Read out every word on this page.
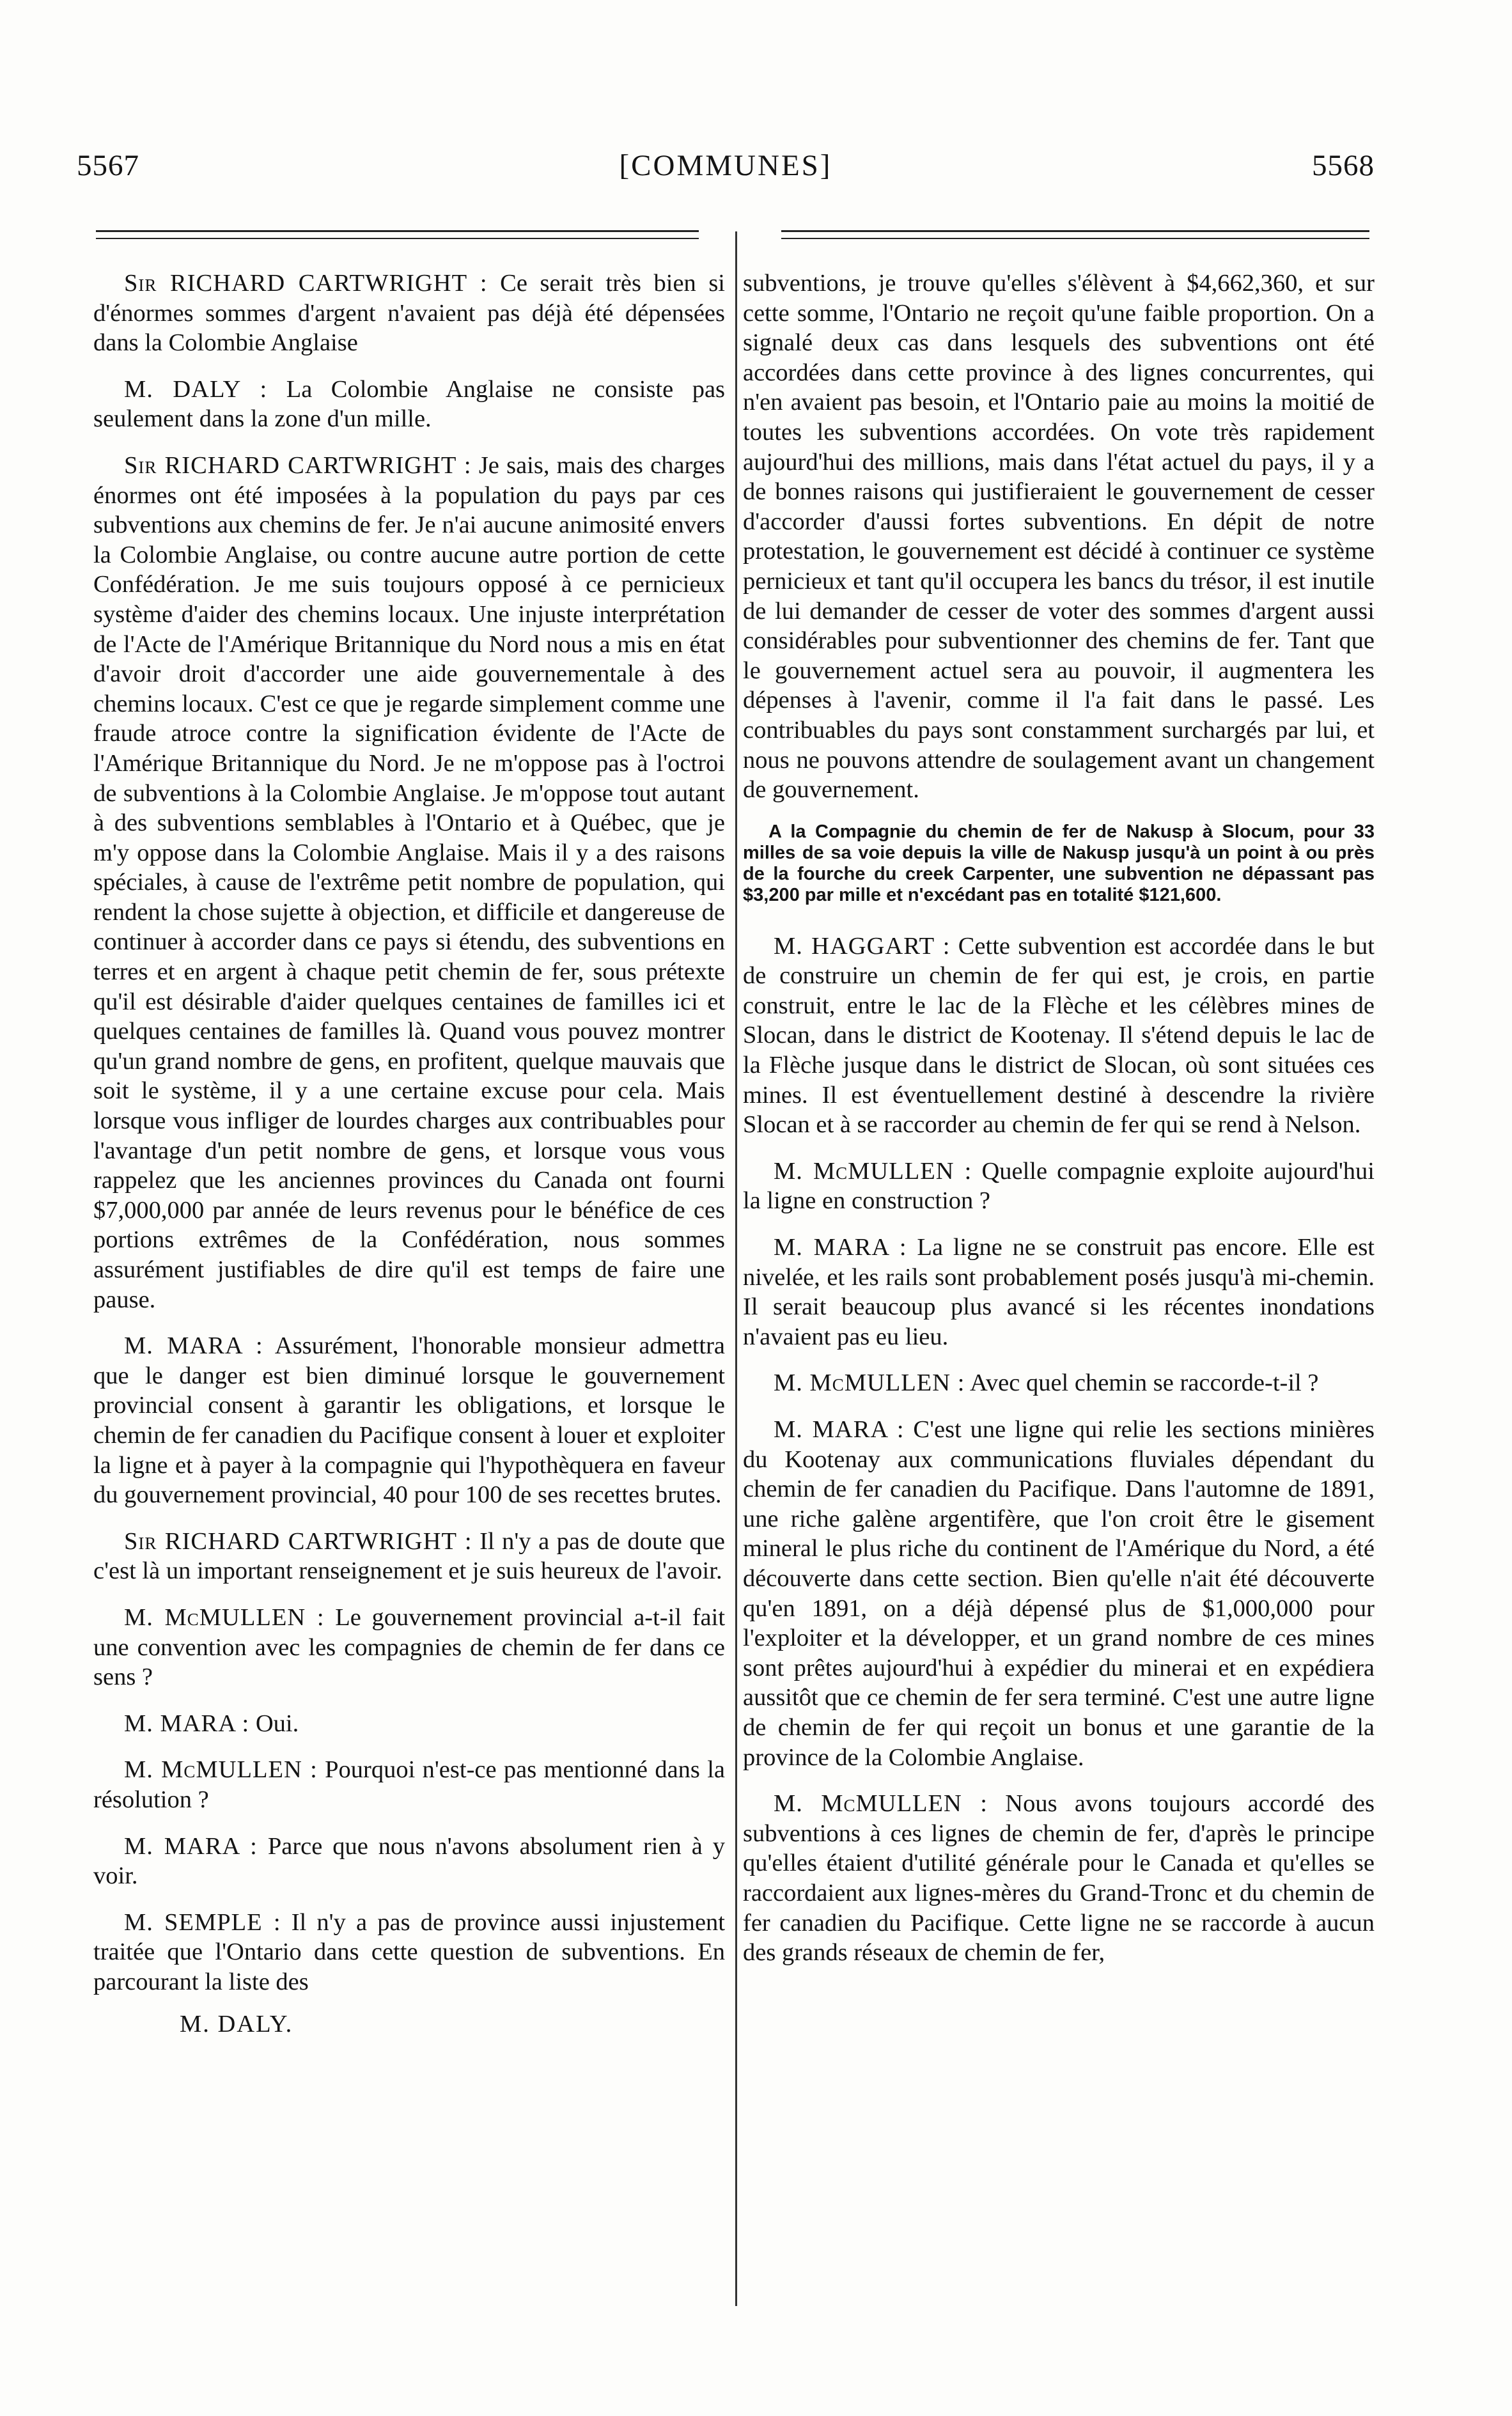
[COMMUNES]
5567	5568

Sir RICHARD CARTWRIGHT : Ce serait très bien si d'énormes sommes d'argent n'avaient pas déjà été dépensées dans la Colombie Anglaise

M. DALY : La Colombie Anglaise ne consiste pas seulement dans la zone d'un mille.

Sir RICHARD CARTWRIGHT : Je sais, mais des charges énormes ont été imposées à la population du pays par ces subventions aux chemins de fer. Je n'ai aucune animosité envers la Colombie Anglaise, ou contre aucune autre portion de cette Confédération. Je me suis toujours opposé à ce pernicieux système d'aider des chemins locaux. Une injuste interprétation de l'Acte de l'Amérique Britannique du Nord nous a mis en état d'avoir droit d'accorder une aide gouvernementale à des chemins locaux. C'est ce que je regarde simplement comme une fraude atroce contre la signification évidente de l'Acte de l'Amérique Britannique du Nord. Je ne m'oppose pas à l'octroi de subventions à la Colombie Anglaise. Je m'oppose tout autant à des subventions semblables à l'Ontario et à Québec, que je m'y oppose dans la Colombie Anglaise. Mais il y a des raisons spéciales, à cause de l'extrême petit nombre de population, qui rendent la chose sujette à objection, et difficile et dangereuse de continuer à accorder dans ce pays si étendu, des subventions en terres et en argent à chaque petit chemin de fer, sous prétexte qu'il est désirable d'aider quelques centaines de familles ici et quelques centaines de familles là. Quand vous pouvez montrer qu'un grand nombre de gens, en profitent, quelque mauvais que soit le système, il y a une certaine excuse pour cela. Mais lorsque vous infliger de lourdes charges aux contribuables pour l'avantage d'un petit nombre de gens, et lorsque vous vous rappelez que les anciennes provinces du Canada ont fourni $7,000,000 par année de leurs revenus pour le bénéfice de ces portions extrêmes de la Confédération, nous sommes assurément justifiables de dire qu'il est temps de faire une pause.

M. MARA : Assurément, l'honorable monsieur admettra que le danger est bien diminué lorsque le gouvernement provincial consent à garantir les obligations, et lorsque le chemin de fer canadien du Pacifique consent à louer et exploiter la ligne et à payer à la compagnie qui l'hypothèquera en faveur du gouvernement provincial, 40 pour 100 de ses recettes brutes.

Sir RICHARD CARTWRIGHT : Il n'y a pas de doute que c'est là un important renseignement et je suis heureux de l'avoir.

M. McMULLEN : Le gouvernement provincial a-t-il fait une convention avec les compagnies de chemin de fer dans ce sens ?

M. MARA : Oui.

M. McMULLEN : Pourquoi n'est-ce pas mentionné dans la résolution ?

M. MARA : Parce que nous n'avons absolument rien à y voir.

M. SEMPLE : Il n'y a pas de province aussi injustement traitée que l'Ontario dans cette question de subventions. En parcourant la liste des

M. DALY.

subventions, je trouve qu'elles s'élèvent à $4,662,360, et sur cette somme, l'Ontario ne reçoit qu'une faible proportion. On a signalé deux cas dans lesquels des subventions ont été accordées dans cette province à des lignes concurrentes, qui n'en avaient pas besoin, et l'Ontario paie au moins la moitié de toutes les subventions accordées. On vote très rapidement aujourd'hui des millions, mais dans l'état actuel du pays, il y a de bonnes raisons qui justifieraient le gouvernement de cesser d'accorder d'aussi fortes subventions. En dépit de notre protestation, le gouvernement est décidé à continuer ce système pernicieux et tant qu'il occupera les bancs du trésor, il est inutile de lui demander de cesser de voter des sommes d'argent aussi considérables pour subventionner des chemins de fer. Tant que le gouvernement actuel sera au pouvoir, il augmentera les dépenses à l'avenir, comme il l'a fait dans le passé. Les contribuables du pays sont constamment surchargés par lui, et nous ne pouvons attendre de soulagement avant un changement de gouvernement.

A la Compagnie du chemin de fer de Nakusp à Slocum, pour 33 milles de sa voie depuis la ville de Nakusp jusqu'à un point à ou près de la fourche du creek Carpenter, une subvention ne dépassant pas $3,200 par mille et n'excédant pas en totalité $121,600.

M. HAGGART : Cette subvention est accordée dans le but de construire un chemin de fer qui est, je crois, en partie construit, entre le lac de la Flèche et les célèbres mines de Slocan, dans le district de Kootenay. Il s'étend depuis le lac de la Flèche jusque dans le district de Slocan, où sont situées ces mines. Il est éventuellement destiné à descendre la rivière Slocan et à se raccorder au chemin de fer qui se rend à Nelson.

M. McMULLEN : Quelle compagnie exploite aujourd'hui la ligne en construction ?

M. MARA : La ligne ne se construit pas encore. Elle est nivelée, et les rails sont probablement posés jusqu'à mi-chemin. Il serait beaucoup plus avancé si les récentes inondations n'avaient pas eu lieu.

M. McMULLEN : Avec quel chemin se raccorde-t-il ?

M. MARA : C'est une ligne qui relie les sections minières du Kootenay aux communications fluviales dépendant du chemin de fer canadien du Pacifique. Dans l'automne de 1891, une riche galène argentifère, que l'on croit être le gisement mineral le plus riche du continent de l'Amérique du Nord, a été découverte dans cette section. Bien qu'elle n'ait été découverte qu'en 1891, on a déjà dépensé plus de $1,000,000 pour l'exploiter et la développer, et un grand nombre de ces mines sont prêtes aujourd'hui à expédier du minerai et en expédiera aussitôt que ce chemin de fer sera terminé. C'est une autre ligne de chemin de fer qui reçoit un bonus et une garantie de la province de la Colombie Anglaise.

M. McMULLEN : Nous avons toujours accordé des subventions à ces lignes de chemin de fer, d'après le principe qu'elles étaient d'utilité générale pour le Canada et qu'elles se raccordaient aux lignes-mères du Grand-Tronc et du chemin de fer canadien du Pacifique. Cette ligne ne se raccorde à aucun des grands réseaux de chemin de fer,
